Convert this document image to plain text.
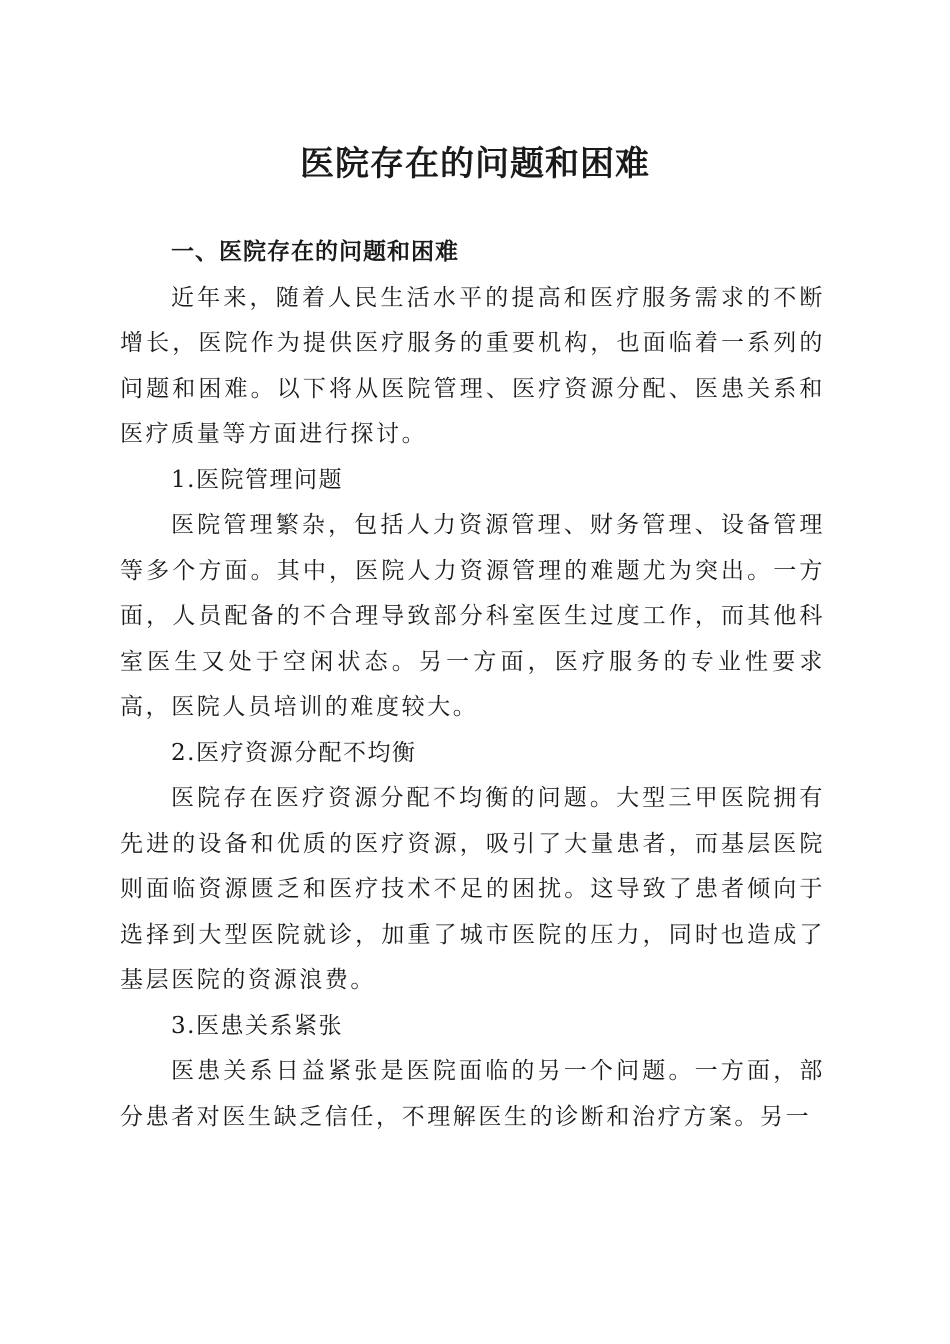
医院存在的问题和困难

一、医院存在的问题和困难

近年来，随着人民生活水平的提高和医疗服务需求的不断增长，医院作为提供医疗服务的重要机构，也面临着一系列的问题和困难。以下将从医院管理、医疗资源分配、医患关系和医疗质量等方面进行探讨。

1.医院管理问题

医院管理繁杂，包括人力资源管理、财务管理、设备管理等多个方面。其中，医院人力资源管理的难题尤为突出。一方面，人员配备的不合理导致部分科室医生过度工作，而其他科室医生又处于空闲状态。另一方面，医疗服务的专业性要求高，医院人员培训的难度较大。

2.医疗资源分配不均衡

医院存在医疗资源分配不均衡的问题。大型三甲医院拥有先进的设备和优质的医疗资源，吸引了大量患者，而基层医院则面临资源匮乏和医疗技术不足的困扰。这导致了患者倾向于选择到大型医院就诊，加重了城市医院的压力，同时也造成了基层医院的资源浪费。

3.医患关系紧张

医患关系日益紧张是医院面临的另一个问题。一方面，部分患者对医生缺乏信任，不理解医生的诊断和治疗方案。另一
